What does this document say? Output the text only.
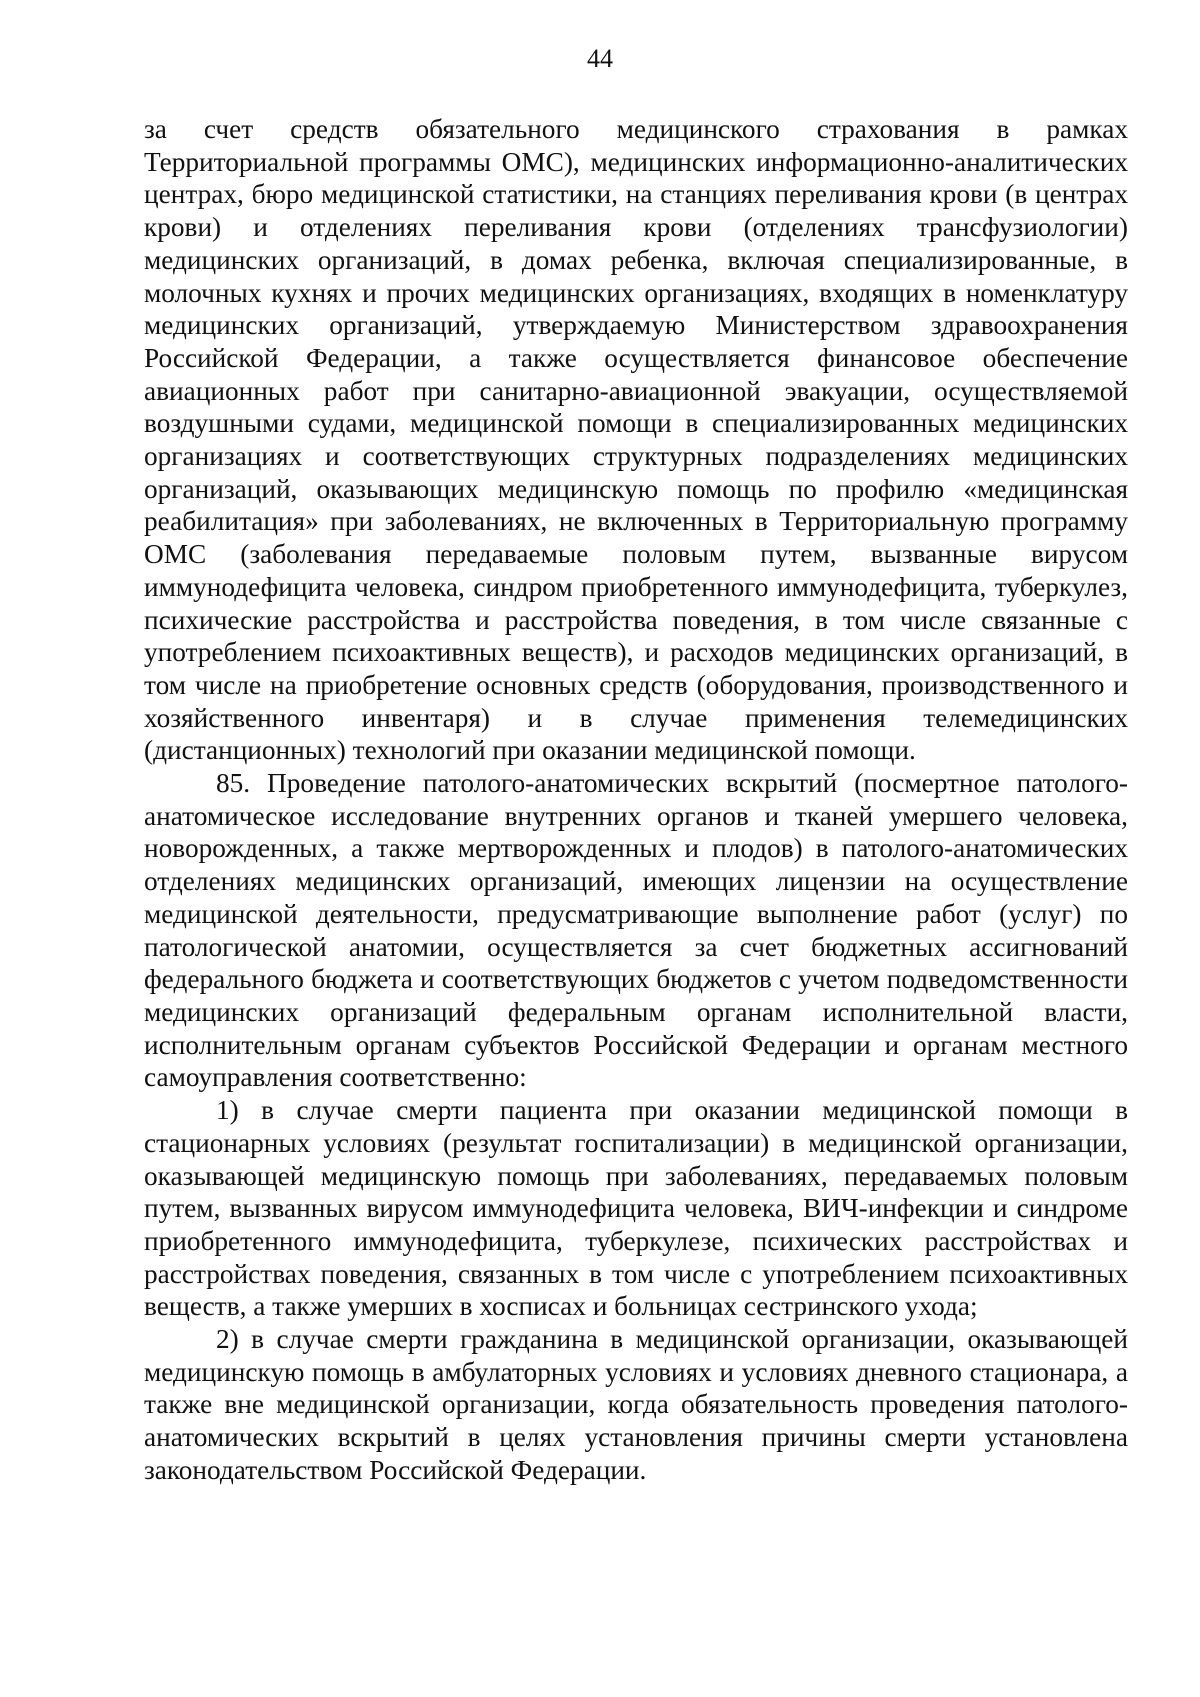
44

за счет средств обязательного медицинского страхования в рамках Территориальной программы ОМС), медицинских информационно-аналитических центрах, бюро медицинской статистики, на станциях переливания крови (в центрах крови) и отделениях переливания крови (отделениях трансфузиологии) медицинских организаций, в домах ребенка, включая специализированные, в молочных кухнях и прочих медицинских организациях, входящих в номенклатуру медицинских организаций, утверждаемую Министерством здравоохранения Российской Федерации, а также осуществляется финансовое обеспечение авиационных работ при санитарно-авиационной эвакуации, осуществляемой воздушными судами, медицинской помощи в специализированных медицинских организациях и соответствующих структурных подразделениях медицинских организаций, оказывающих медицинскую помощь по профилю «медицинская реабилитация» при заболеваниях, не включенных в Территориальную программу ОМС (заболевания передаваемые половым путем, вызванные вирусом иммунодефицита человека, синдром приобретенного иммунодефицита, туберкулез, психические расстройства и расстройства поведения, в том числе связанные с употреблением психоактивных веществ), и расходов медицинских организаций, в том числе на приобретение основных средств (оборудования, производственного и хозяйственного инвентаря) и в случае применения телемедицинских (дистанционных) технологий при оказании медицинской помощи.

85. Проведение патолого-анатомических вскрытий (посмертное патолого-анатомическое исследование внутренних органов и тканей умершего человека, новорожденных, а также мертворожденных и плодов) в патолого-анатомических отделениях медицинских организаций, имеющих лицензии на осуществление медицинской деятельности, предусматривающие выполнение работ (услуг) по патологической анатомии, осуществляется за счет бюджетных ассигнований федерального бюджета и соответствующих бюджетов с учетом подведомственности медицинских организаций федеральным органам исполнительной власти, исполнительным органам субъектов Российской Федерации и органам местного самоуправления соответственно:

1) в случае смерти пациента при оказании медицинской помощи в стационарных условиях (результат госпитализации) в медицинской организации, оказывающей медицинскую помощь при заболеваниях, передаваемых половым путем, вызванных вирусом иммунодефицита человека, ВИЧ-инфекции и синдроме приобретенного иммунодефицита, туберкулезе, психических расстройствах и расстройствах поведения, связанных в том числе с употреблением психоактивных веществ, а также умерших в хосписах и больницах сестринского ухода;

2) в случае смерти гражданина в медицинской организации, оказывающей медицинскую помощь в амбулаторных условиях и условиях дневного стационара, а также вне медицинской организации, когда обязательность проведения патолого-анатомических вскрытий в целях установления причины смерти установлена законодательством Российской Федерации.
